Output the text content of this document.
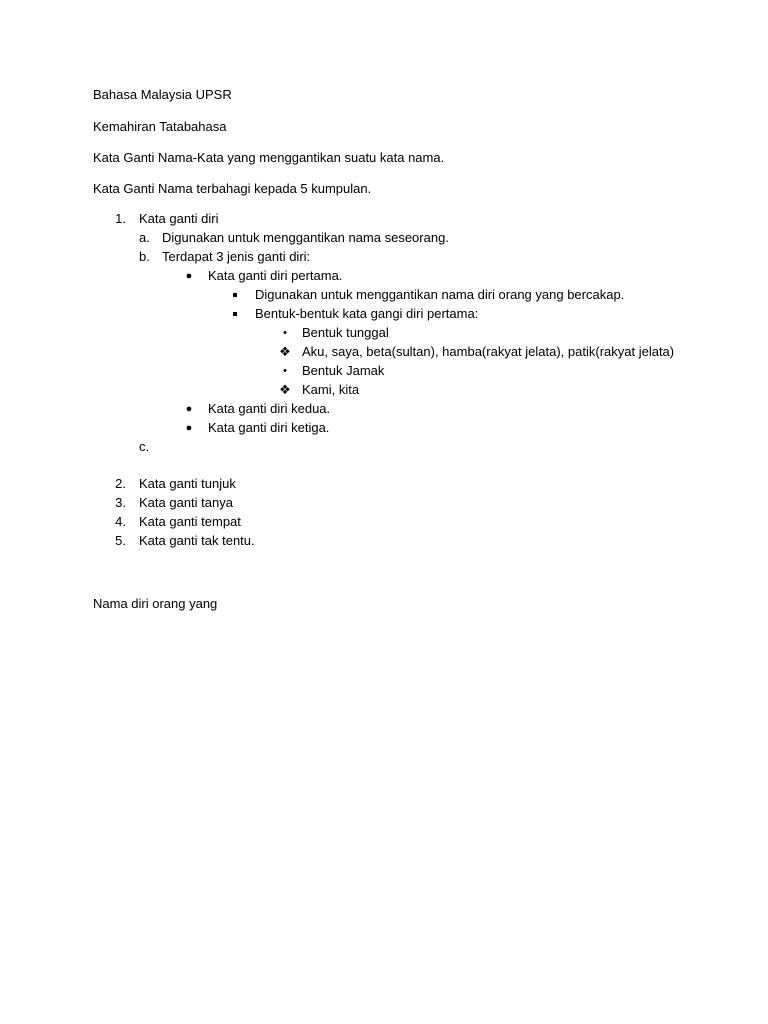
Bahasa Malaysia UPSR
Kemahiran Tatabahasa
Kata Ganti Nama-Kata yang menggantikan suatu kata nama.
Kata Ganti Nama terbahagi kepada 5 kumpulan.
1. Kata ganti diri
a. Digunakan untuk menggantikan nama seseorang.
b. Terdapat 3 jenis ganti diri:
● Kata ganti diri pertama.
Digunakan untuk menggantikan nama diri orang yang bercakap.
Bentuk-bentuk kata gangi diri pertama:
•	Bentuk tunggal
❖ Aku, saya, beta(sultan), hamba(rakyat jelata), patik(rakyat jelata)
•	Bentuk Jamak
❖ Kami, kita
● Kata ganti diri kedua.
● Kata ganti diri ketiga.
c.
2. Kata ganti tunjuk
3. Kata ganti tanya
4. Kata ganti tempat
5. Kata ganti tak tentu.
Nama diri orang yang
